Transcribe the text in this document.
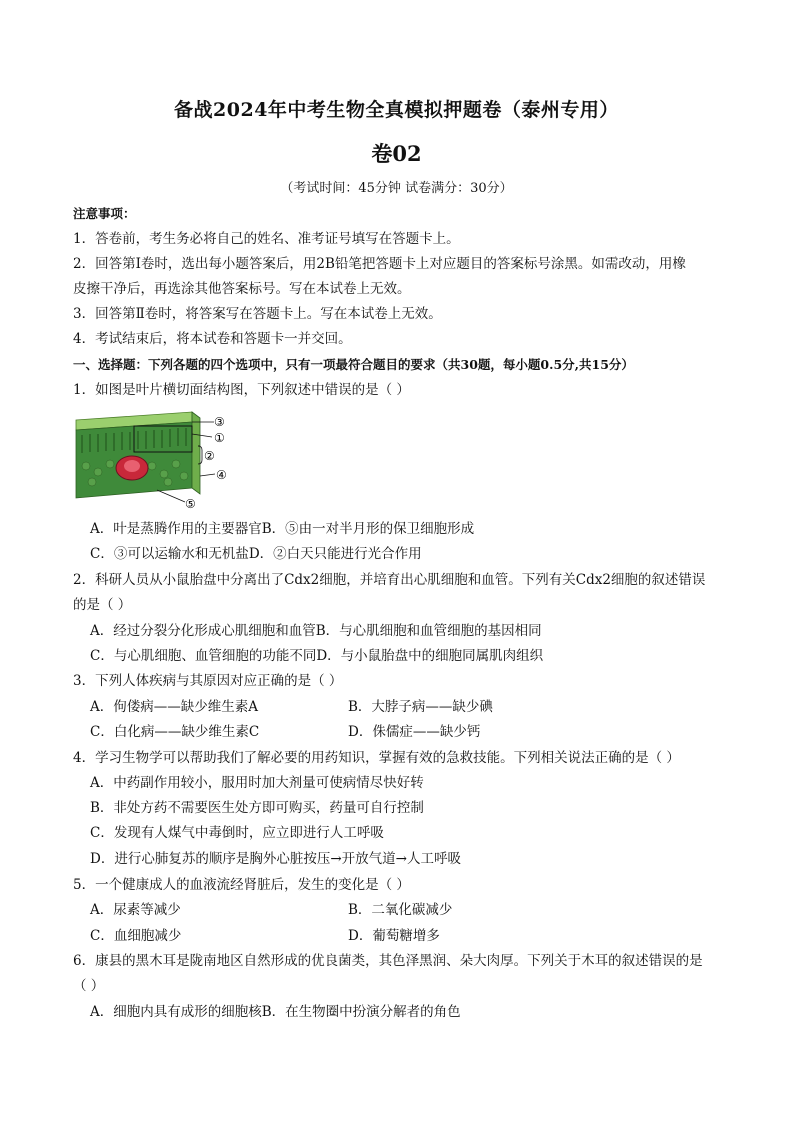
备战2024年中考生物全真模拟押题卷（泰州专用）
卷02
（考试时间：45分钟 试卷满分：30分）
注意事项：
1．答卷前，考生务必将自己的姓名、准考证号填写在答题卡上。
2．回答第Ⅰ卷时，选出每小题答案后，用2B铅笔把答题卡上对应题目的答案标号涂黑。如需改动，用橡
皮擦干净后，再选涂其他答案标号。写在本试卷上无效。
3．回答第Ⅱ卷时，将答案写在答题卡上。写在本试卷上无效。
4．考试结束后，将本试卷和答题卡一并交回。
一、选择题：下列各题的四个选项中，只有一项最符合题目的要求（共30题，每小题0.5分,共15分）
1．如图是叶片横切面结构图，下列叙述中错误的是（ ）
③
①
②
④
⑤
A．叶是蒸腾作用的主要器官B．⑤由一对半月形的保卫细胞形成
C．③可以运输水和无机盐D．②白天只能进行光合作用
2．科研人员从小鼠胎盘中分离出了Cdx2细胞，并培育出心肌细胞和血管。下列有关Cdx2细胞的叙述错误
的是（ ）
A．经过分裂分化形成心肌细胞和血管B．与心肌细胞和血管细胞的基因相同
C．与心肌细胞、血管细胞的功能不同D．与小鼠胎盘中的细胞同属肌肉组织
3．下列人体疾病与其原因对应正确的是（ ）
A．佝偻病——缺少维生素A	B．大脖子病——缺少碘
C．白化病——缺少维生素C	D．侏儒症——缺少钙
4．学习生物学可以帮助我们了解必要的用药知识，掌握有效的急救技能。下列相关说法正确的是（ ）
A．中药副作用较小，服用时加大剂量可使病情尽快好转
B．非处方药不需要医生处方即可购买，药量可自行控制
C．发现有人煤气中毒倒时，应立即进行人工呼吸
D．进行心肺复苏的顺序是胸外心脏按压→开放气道→人工呼吸
5．一个健康成人的血液流经肾脏后，发生的变化是（ ）
A．尿素等减少	B．二氧化碳减少
C．血细胞减少	D．葡萄糖增多
6．康县的黑木耳是陇南地区自然形成的优良菌类，其色泽黑润、朵大肉厚。下列关于木耳的叙述错误的是
（ ）
A．细胞内具有成形的细胞核B．在生物圈中扮演分解者的角色
